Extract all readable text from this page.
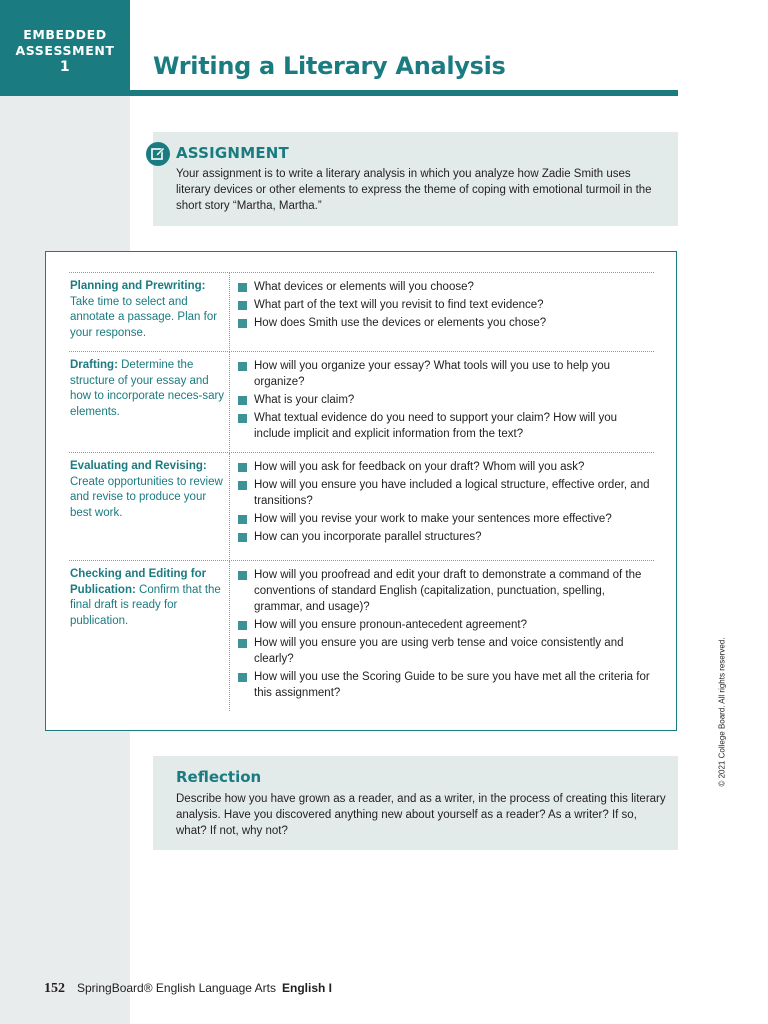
EMBEDDED
ASSESSMENT
1	Writing a Literary Analysis
ASSIGNMENT
Your assignment is to write a literary analysis in which you analyze how Zadie Smith uses literary devices or other elements to express the theme of coping with emotional turmoil in the short story “Martha, Martha.”
Planning and Prewriting:
Take time to select and annotate a passage. Plan for your response.
What devices or elements will you choose?
What part of the text will you revisit to find text evidence?
How does Smith use the devices or elements you chose?
Drafting: Determine the structure of your essay and how to incorporate neces-sary elements.
How will you organize your essay? What tools will you use to help you organize?
What is your claim?
What textual evidence do you need to support your claim? How will you include implicit and explicit information from the text?
Evaluating and Revising:
Create opportunities to review and revise to produce your best work.
How will you ask for feedback on your draft? Whom will you ask?
How will you ensure you have included a logical structure, effective order, and transitions?
How will you revise your work to make your sentences more effective?
How can you incorporate parallel structures?
Checking and Editing for Publication: Confirm that the final draft is ready for publication.
How will you proofread and edit your draft to demonstrate a command of the conventions of standard English (capitalization, punctuation, spelling, grammar, and usage)?
How will you ensure pronoun-antecedent agreement?
How will you ensure you are using verb tense and voice consistently and clearly?
How will you use the Scoring Guide to be sure you have met all the criteria for this assignment?
Reflection
Describe how you have grown as a reader, and as a writer, in the process of creating this literary analysis. Have you discovered anything new about yourself as a reader? As a writer? If so, what? If not, why not?
© 2021 College Board. All rights reserved.
152 SpringBoard® English Language Arts English I
